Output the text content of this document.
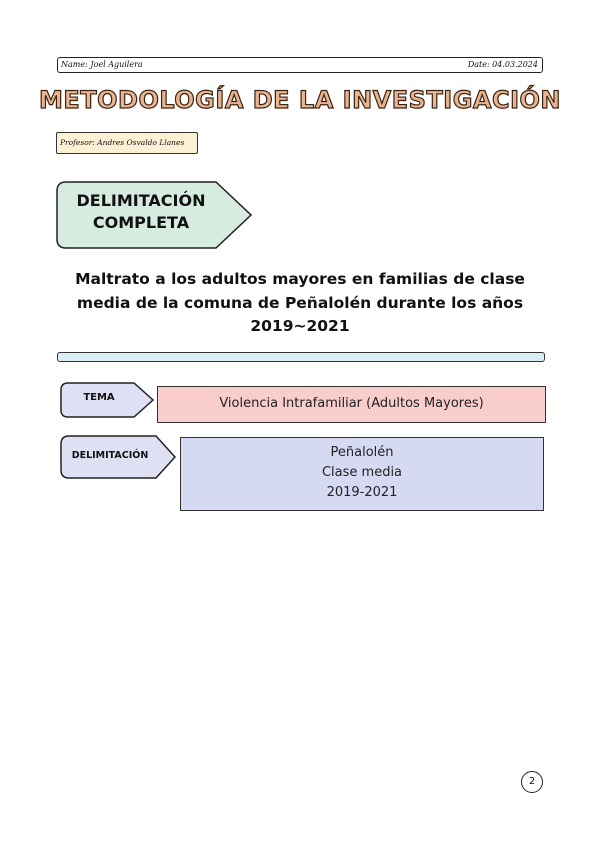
Name: Joel Aguilera	Date: 04.03.2024
METODOLOGÍA DE LA INVESTIGACIÓN
Profesor: Andres Osvaldo Llanes
DELIMITACIÓN
COMPLETA
Maltrato a los adultos mayores en familias de clase
media de la comuna de Peñalolén durante los años
2019~2021
TEMA	Violencia Intrafamiliar (Adultos Mayores)
DELIMITACIÓN	Peñalolén
Clase media
2019-2021
2
